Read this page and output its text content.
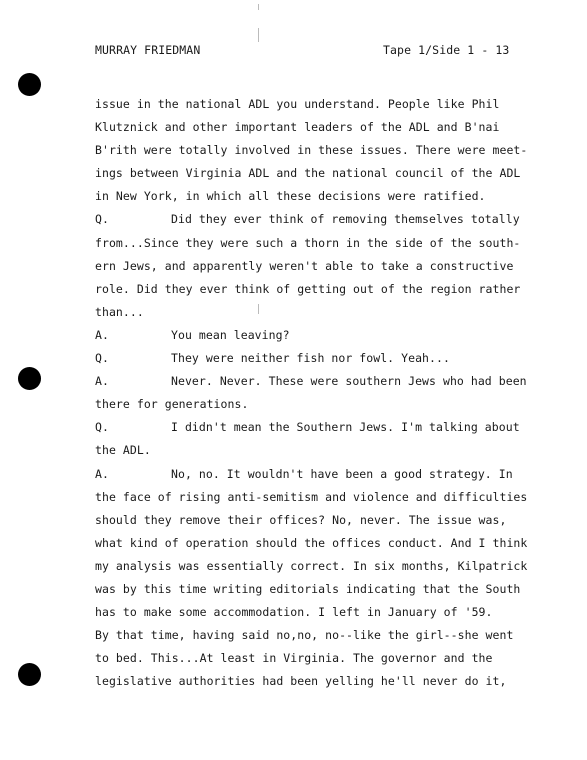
MURRAY FRIEDMAN	Tape 1/Side 1 - 13
issue in the national ADL you understand. People like Phil
Klutznick and other important leaders of the ADL and B'nai
B'rith were totally involved in these issues. There were meet-
ings between Virginia ADL and the national council of the ADL
in New York, in which all these decisions were ratified.
Q.	Did they ever think of removing themselves totally
from...Since they were such a thorn in the side of the south-
ern Jews, and apparently weren't able to take a constructive
role. Did they ever think of getting out of the region rather
than...
A.	You mean leaving?
Q.	They were neither fish nor fowl. Yeah...
A.	Never. Never. These were southern Jews who had been
there for generations.
Q.	I didn't mean the Southern Jews. I'm talking about
the ADL.
A.	No, no. It wouldn't have been a good strategy. In
the face of rising anti-semitism and violence and difficulties
should they remove their offices? No, never. The issue was,
what kind of operation should the offices conduct. And I think
my analysis was essentially correct. In six months, Kilpatrick
was by this time writing editorials indicating that the South
has to make some accommodation. I left in January of '59.
By that time, having said no,no, no--like the girl--she went
to bed. This...At least in Virginia. The governor and the
legislative authorities had been yelling he'll never do it,
